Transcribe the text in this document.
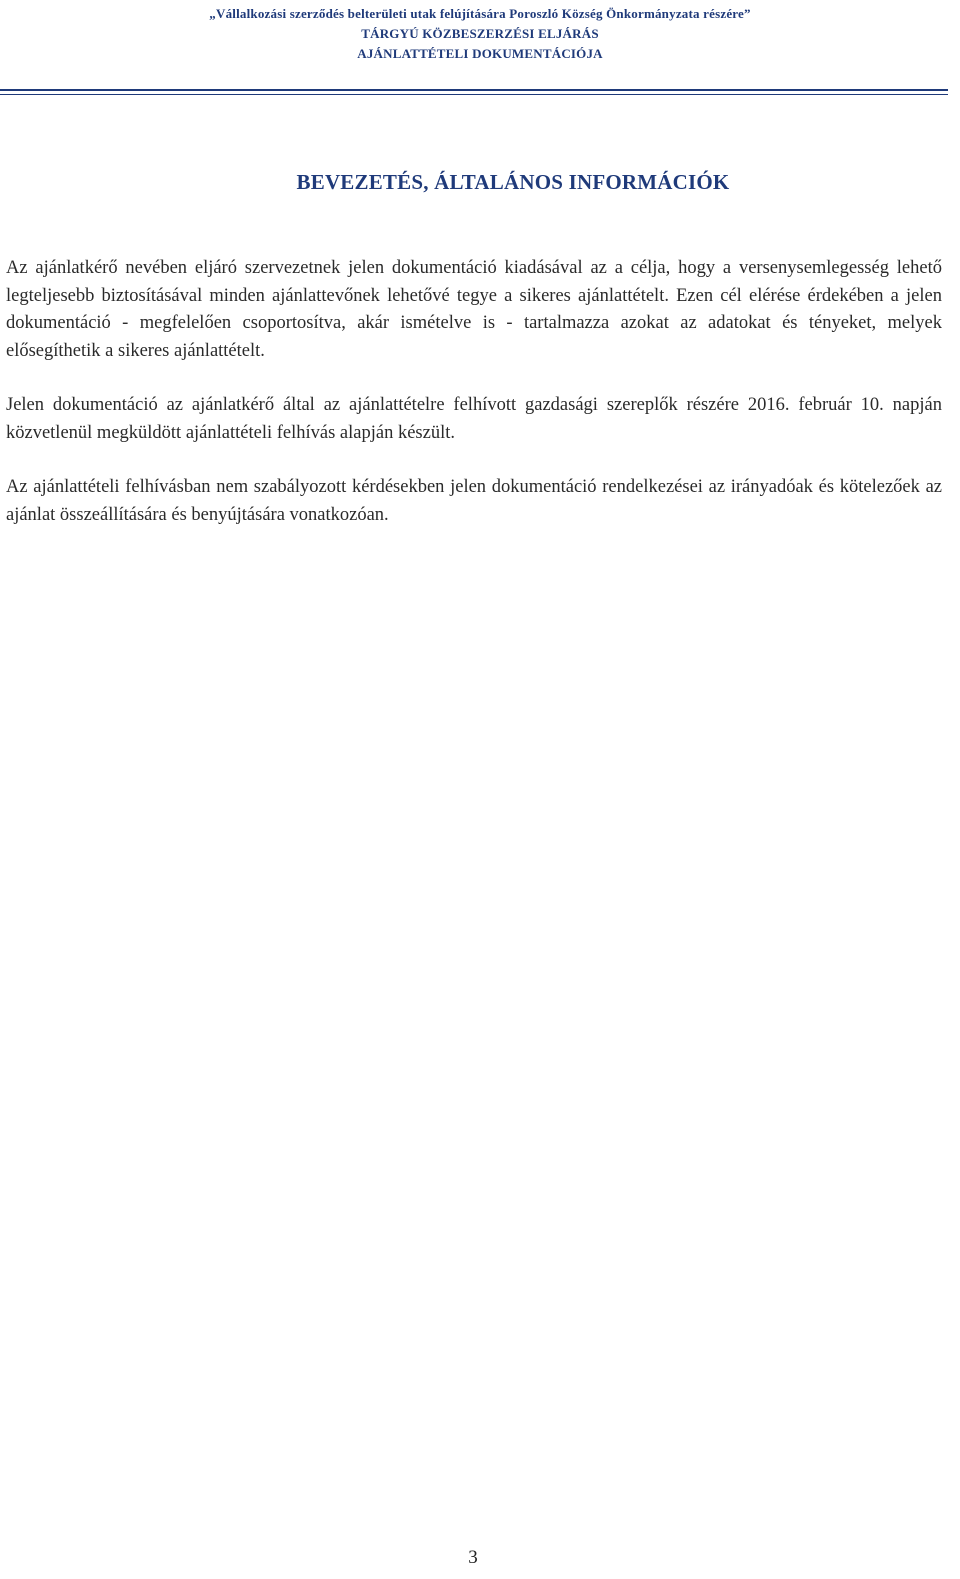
„Vállalkozási szerződés belterületi utak felújítására Poroszló Község Önkormányzata részére”
TÁRGYÚ KÖZBESZERZÉSI ELJÁRÁS
AJÁNLATTÉTELI DOKUMENTÁCIÓJA
BEVEZETÉS, ÁLTALÁNOS INFORMÁCIÓK

Az ajánlatkérő nevében eljáró szervezetnek jelen dokumentáció kiadásával az a célja, hogy a versenysemlegesség lehető legteljesebb biztosításával minden ajánlattevőnek lehetővé tegye a sikeres ajánlattételt. Ezen cél elérése érdekében a jelen dokumentáció - megfelelően csoportosítva, akár ismételve is - tartalmazza azokat az adatokat és tényeket, melyek elősegíthetik a sikeres ajánlattételt.

Jelen dokumentáció az ajánlatkérő által az ajánlattételre felhívott gazdasági szereplők részére 2016. február 10. napján közvetlenül megküldött ajánlattételi felhívás alapján készült.

Az ajánlattételi felhívásban nem szabályozott kérdésekben jelen dokumentáció rendelkezései az irányadóak és kötelezőek az ajánlat összeállítására és benyújtására vonatkozóan.

3
